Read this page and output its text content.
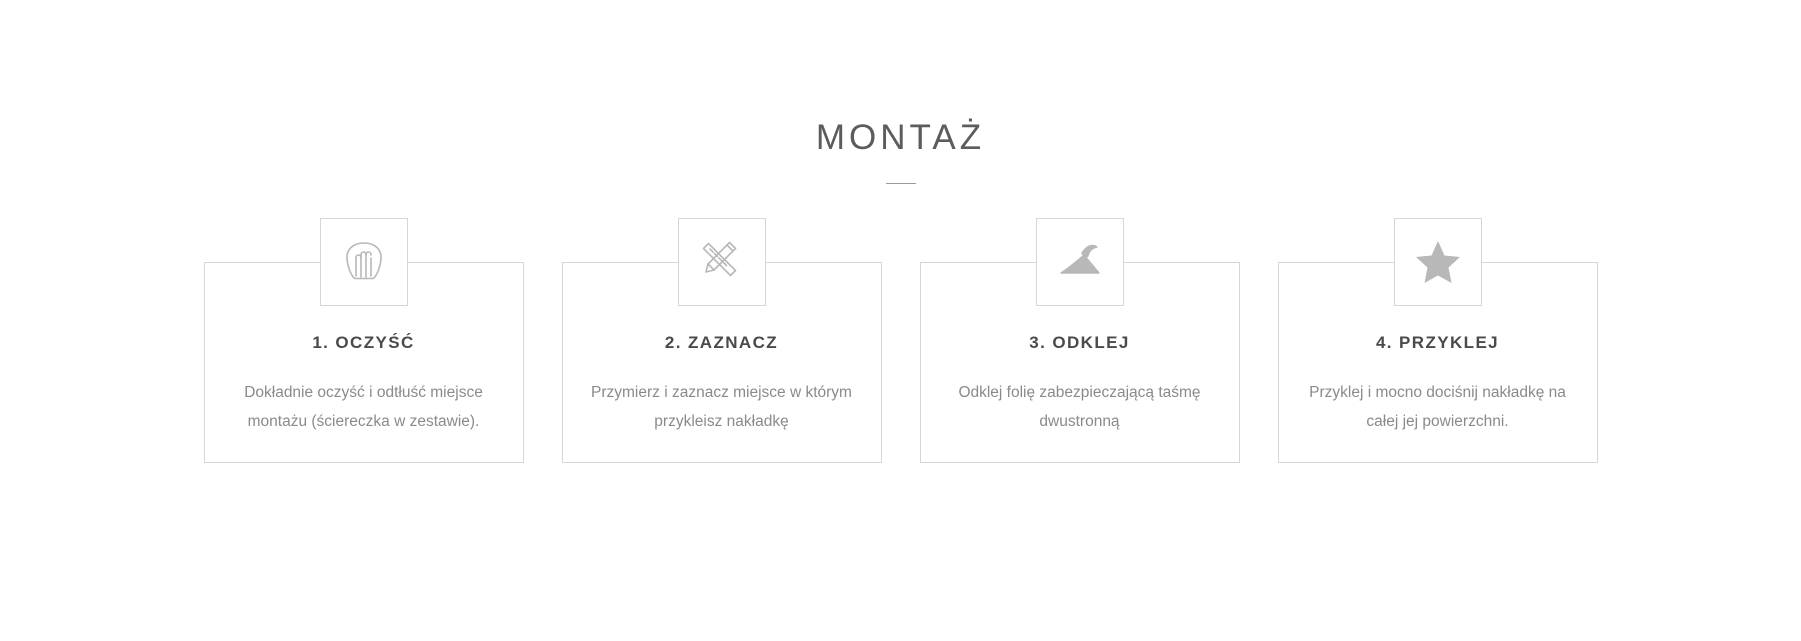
MONTAŻ
1. OCZYŚĆ
Dokładnie oczyść i odtłuść miejsce montażu (ściereczka w zestawie).
2. ZAZNACZ
Przymierz i zaznacz miejsce w którym przykleisz nakładkę
3. ODKLEJ
Odklej folię zabezpieczającą taśmę dwustronną
4. PRZYKLEJ
Przyklej i mocno dociśnij nakładkę na całej jej powierzchni.
